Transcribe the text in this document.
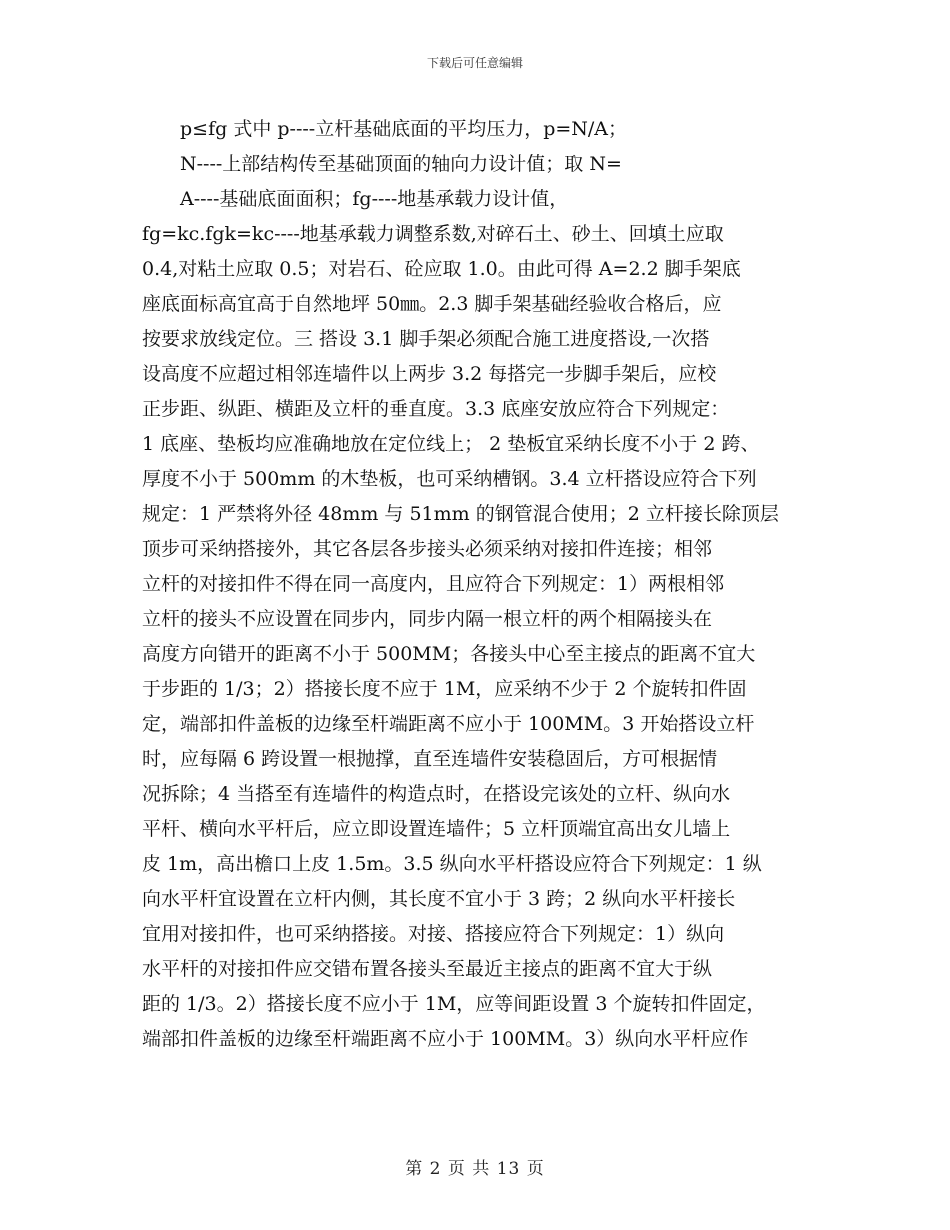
下载后可任意编辑
p≤fg 式中 p----立杆基础底面的平均压力，p=N/A；
N----上部结构传至基础顶面的轴向力设计值；取 N=
A----基础底面面积；fg----地基承载力设计值，
fg=kc.fgk=kc----地基承载力调整系数,对碎石土、砂土、回填土应取
0.4,对粘土应取 0.5；对岩石、砼应取 1.0。由此可得 A=2.2 脚手架底
座底面标高宜高于自然地坪 50㎜。2.3 脚手架基础经验收合格后，应
按要求放线定位。三 搭设 3.1 脚手架必须配合施工进度搭设,一次搭
设高度不应超过相邻连墙件以上两步 3.2 每搭完一步脚手架后，应校
正步距、纵距、横距及立杆的垂直度。3.3 底座安放应符合下列规定：
1 底座、垫板均应准确地放在定位线上； 2 垫板宜采纳长度不小于 2 跨、
厚度不小于 500mm 的木垫板，也可采纳槽钢。3.4 立杆搭设应符合下列
规定：1 严禁将外径 48mm 与 51mm 的钢管混合使用；2 立杆接长除顶层
顶步可采纳搭接外，其它各层各步接头必须采纳对接扣件连接；相邻
立杆的对接扣件不得在同一高度内，且应符合下列规定：1）两根相邻
立杆的接头不应设置在同步内，同步内隔一根立杆的两个相隔接头在
高度方向错开的距离不小于 500MM；各接头中心至主接点的距离不宜大
于步距的 1/3；2）搭接长度不应于 1M，应采纳不少于 2 个旋转扣件固
定，端部扣件盖板的边缘至杆端距离不应小于 100MM。3 开始搭设立杆
时，应每隔 6 跨设置一根抛撑，直至连墙件安装稳固后，方可根据情
况拆除；4 当搭至有连墙件的构造点时，在搭设完该处的立杆、纵向水
平杆、横向水平杆后，应立即设置连墙件；5 立杆顶端宜高出女儿墙上
皮 1m，高出檐口上皮 1.5m。3.5 纵向水平杆搭设应符合下列规定：1 纵
向水平杆宜设置在立杆内侧，其长度不宜小于 3 跨；2 纵向水平杆接长
宜用对接扣件，也可采纳搭接。对接、搭接应符合下列规定：1）纵向
水平杆的对接扣件应交错布置各接头至最近主接点的距离不宜大于纵
距的 1/3。2）搭接长度不应小于 1M，应等间距设置 3 个旋转扣件固定，
端部扣件盖板的边缘至杆端距离不应小于 100MM。3）纵向水平杆应作
第 2 页 共 13 页
